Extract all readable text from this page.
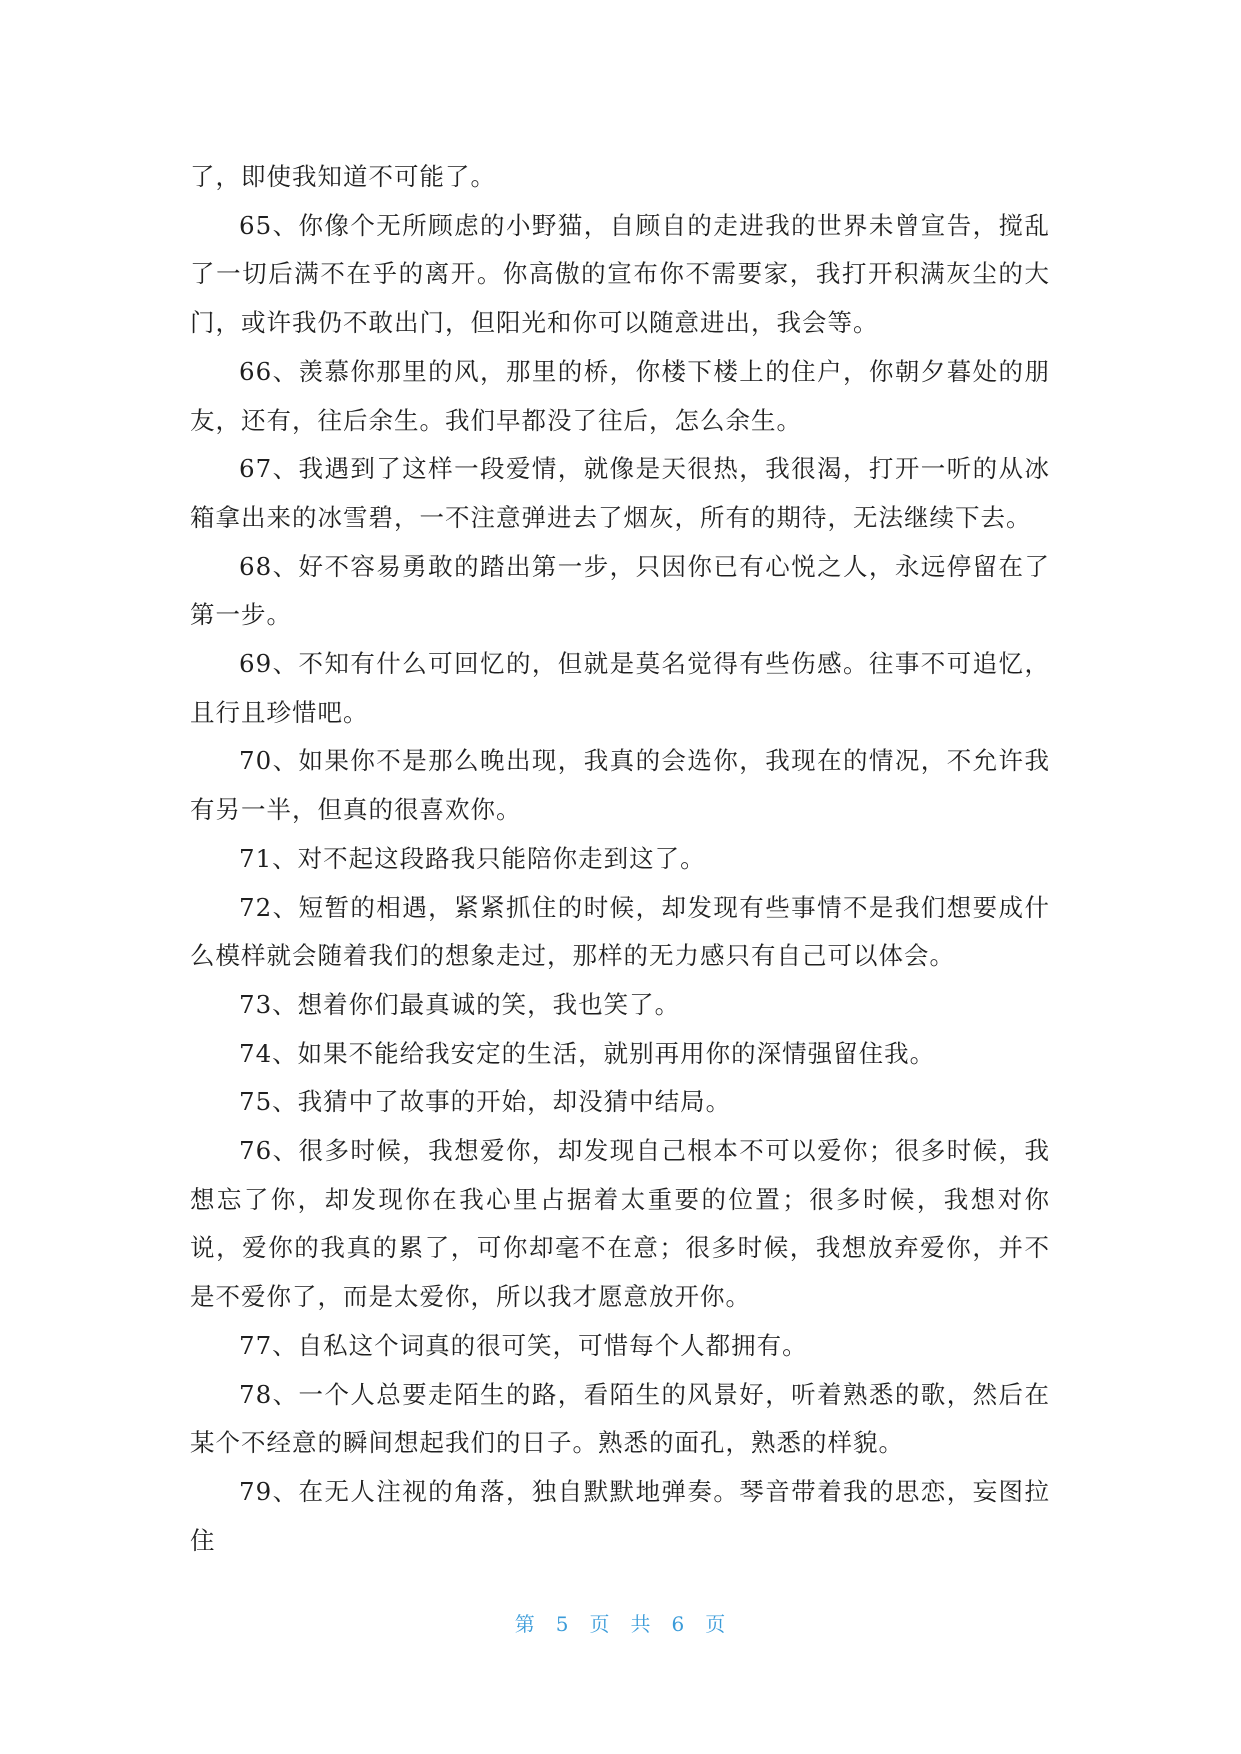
了，即使我知道不可能了。

65、你像个无所顾虑的小野猫，自顾自的走进我的世界未曾宣告，搅乱了一切后满不在乎的离开。你高傲的宣布你不需要家，我打开积满灰尘的大门，或许我仍不敢出门，但阳光和你可以随意进出，我会等。

66、羡慕你那里的风，那里的桥，你楼下楼上的住户，你朝夕暮处的朋友，还有，往后余生。我们早都没了往后，怎么余生。

67、我遇到了这样一段爱情，就像是天很热，我很渴，打开一听的从冰箱拿出来的冰雪碧，一不注意弹进去了烟灰，所有的期待，无法继续下去。

68、好不容易勇敢的踏出第一步，只因你已有心悦之人，永远停留在了第一步。

69、不知有什么可回忆的，但就是莫名觉得有些伤感。往事不可追忆，且行且珍惜吧。

70、如果你不是那么晚出现，我真的会选你，我现在的情况，不允许我有另一半，但真的很喜欢你。

71、对不起这段路我只能陪你走到这了。

72、短暂的相遇，紧紧抓住的时候，却发现有些事情不是我们想要成什么模样就会随着我们的想象走过，那样的无力感只有自己可以体会。

73、想着你们最真诚的笑，我也笑了。

74、如果不能给我安定的生活，就别再用你的深情强留住我。

75、我猜中了故事的开始，却没猜中结局。

76、很多时候，我想爱你，却发现自己根本不可以爱你；很多时候，我想忘了你，却发现你在我心里占据着太重要的位置；很多时候，我想对你说，爱你的我真的累了，可你却毫不在意；很多时候，我想放弃爱你，并不是不爱你了，而是太爱你，所以我才愿意放开你。

77、自私这个词真的很可笑，可惜每个人都拥有。

78、一个人总要走陌生的路，看陌生的风景好，听着熟悉的歌，然后在某个不经意的瞬间想起我们的日子。熟悉的面孔，熟悉的样貌。

79、在无人注视的角落，独自默默地弹奏。琴音带着我的思恋，妄图拉住

第 5 页 共 6 页
